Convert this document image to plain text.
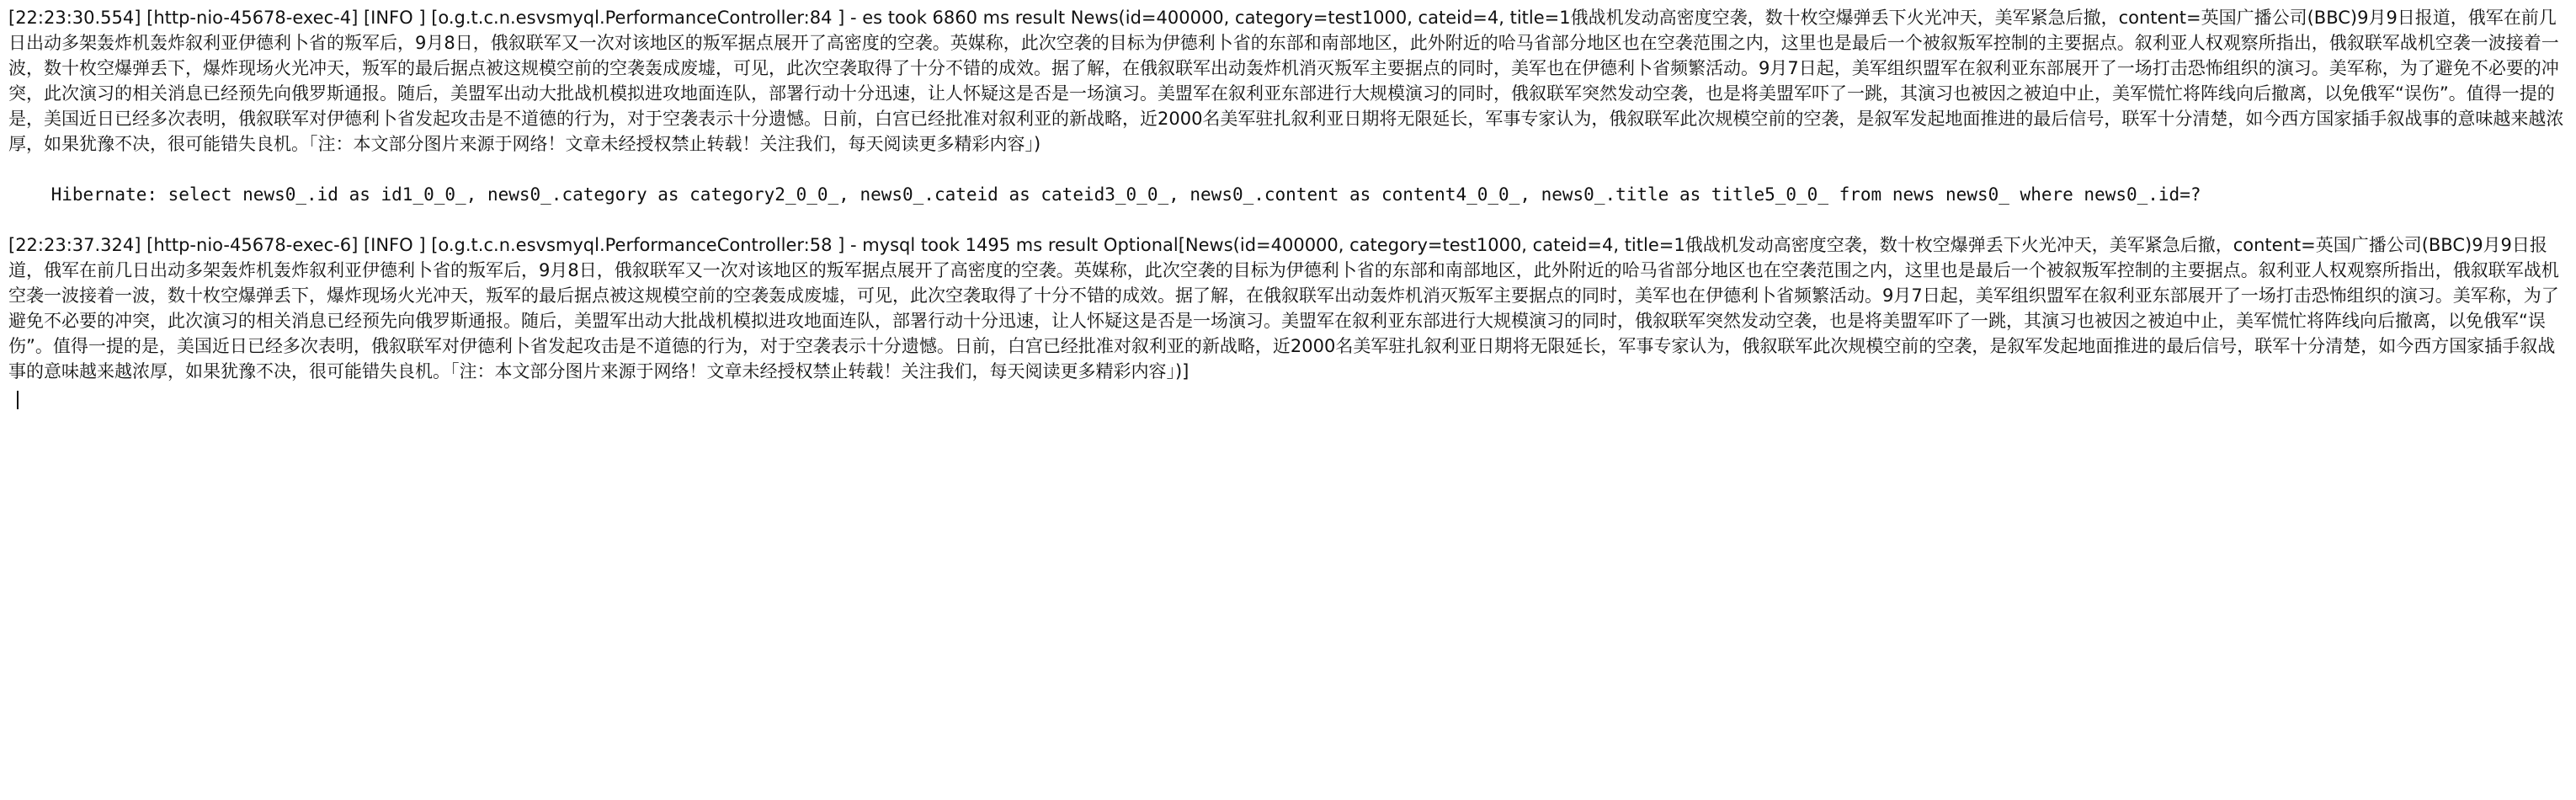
[22:23:30.554] [http-nio-45678-exec-4] [INFO ] [o.g.t.c.n.esvsmyql.PerformanceController:84 ] - es took 6860 ms result News(id=400000, category=test1000, cateid=4, title=1俄战机发动高密度空袭，数十枚空爆弹丢下火光冲天，美军紧急后撤，content=英国广播公司(BBC)9月9日报道，俄军在前几日出动多架轰炸机轰炸叙利亚伊德利卜省的叛军后，9月8日，俄叙联军又一次对该地区的叛军据点展开了高密度的空袭。英媒称，此次空袭的目标为伊德利卜省的东部和南部地区，此外附近的哈马省部分地区也在空袭范围之内，这里也是最后一个被叙叛军控制的主要据点。叙利亚人权观察所指出，俄叙联军战机空袭一波接着一波，数十枚空爆弹丢下，爆炸现场火光冲天，叛军的最后据点被这规模空前的空袭轰成废墟，可见，此次空袭取得了十分不错的成效。据了解，在俄叙联军出动轰炸机消灭叛军主要据点的同时，美军也在伊德利卜省频繁活动。9月7日起，美军组织盟军在叙利亚东部展开了一场打击恐怖组织的演习。美军称，为了避免不必要的冲突，此次演习的相关消息已经预先向俄罗斯通报。随后，美盟军出动大批战机模拟进攻地面连队，部署行动十分迅速，让人怀疑这是否是一场演习。美盟军在叙利亚东部进行大规模演习的同时，俄叙联军突然发动空袭，也是将美盟军吓了一跳，其演习也被因之被迫中止，美军慌忙将阵线向后撤离，以免俄军“误伤”。值得一提的是，美国近日已经多次表明，俄叙联军对伊德利卜省发起攻击是不道德的行为，对于空袭表示十分遗憾。日前，白宫已经批准对叙利亚的新战略，近2000名美军驻扎叙利亚日期将无限延长，军事专家认为，俄叙联军此次规模空前的空袭，是叙军发起地面推进的最后信号，联军十分清楚，如今西方国家插手叙战事的意味越来越浓厚，如果犹豫不决，很可能错失良机。「注：本文部分图片来源于网络！文章未经授权禁止转载！关注我们，每天阅读更多精彩内容」)

Hibernate: select news0_.id as id1_0_0_, news0_.category as category2_0_0_, news0_.cateid as cateid3_0_0_, news0_.content as content4_0_0_, news0_.title as title5_0_0_ from news news0_ where news0_.id=?

[22:23:37.324] [http-nio-45678-exec-6] [INFO ] [o.g.t.c.n.esvsmyql.PerformanceController:58 ] - mysql took 1495 ms result Optional[News(id=400000, category=test1000, cateid=4, title=1俄战机发动高密度空袭，数十枚空爆弹丢下火光冲天，美军紧急后撤，content=英国广播公司(BBC)9月9日报道，俄军在前几日出动多架轰炸机轰炸叙利亚伊德利卜省的叛军后，9月8日，俄叙联军又一次对该地区的叛军据点展开了高密度的空袭。英媒称，此次空袭的目标为伊德利卜省的东部和南部地区，此外附近的哈马省部分地区也在空袭范围之内，这里也是最后一个被叙叛军控制的主要据点。叙利亚人权观察所指出，俄叙联军战机空袭一波接着一波，数十枚空爆弹丢下，爆炸现场火光冲天，叛军的最后据点被这规模空前的空袭轰成废墟，可见，此次空袭取得了十分不错的成效。据了解，在俄叙联军出动轰炸机消灭叛军主要据点的同时，美军也在伊德利卜省频繁活动。9月7日起，美军组织盟军在叙利亚东部展开了一场打击恐怖组织的演习。美军称，为了避免不必要的冲突，此次演习的相关消息已经预先向俄罗斯通报。随后，美盟军出动大批战机模拟进攻地面连队，部署行动十分迅速，让人怀疑这是否是一场演习。美盟军在叙利亚东部进行大规模演习的同时，俄叙联军突然发动空袭，也是将美盟军吓了一跳，其演习也被因之被迫中止，美军慌忙将阵线向后撤离，以免俄军“误伤”。值得一提的是，美国近日已经多次表明，俄叙联军对伊德利卜省发起攻击是不道德的行为，对于空袭表示十分遗憾。日前，白宫已经批准对叙利亚的新战略，近2000名美军驻扎叙利亚日期将无限延长，军事专家认为，俄叙联军此次规模空前的空袭，是叙军发起地面推进的最后信号，联军十分清楚，如今西方国家插手叙战事的意味越来越浓厚，如果犹豫不决，很可能错失良机。「注：本文部分图片来源于网络！文章未经授权禁止转载！关注我们，每天阅读更多精彩内容」)]
